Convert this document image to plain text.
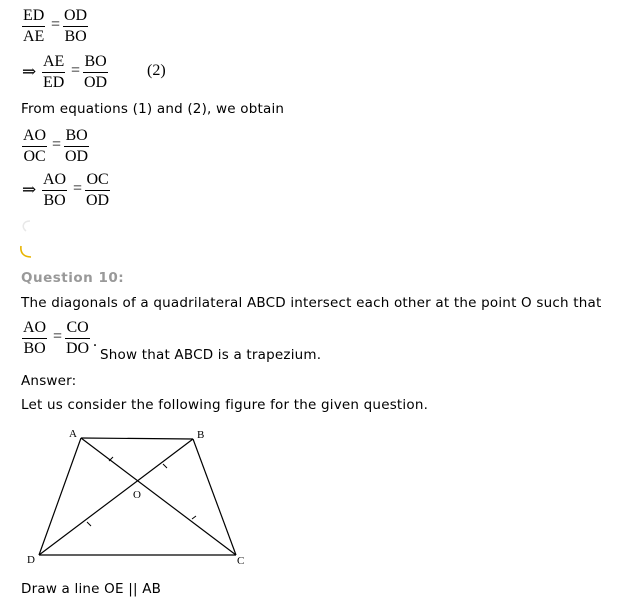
ED
AE
=
OD
BO
⇒
AE
ED
=
BO
OD
(2)
From equations (1) and (2), we obtain
AO
OC
=
BO
OD
⇒
AO
BO
=
OC
OD
Question 10:
The diagonals of a quadrilateral ABCD intersect each other at the point O such that
AO
BO
=
CO
DO .
Show that ABCD is a trapezium.
Answer:
Let us consider the following figure for the given question.
A	B
C
D
O
Draw a line OE || AB
